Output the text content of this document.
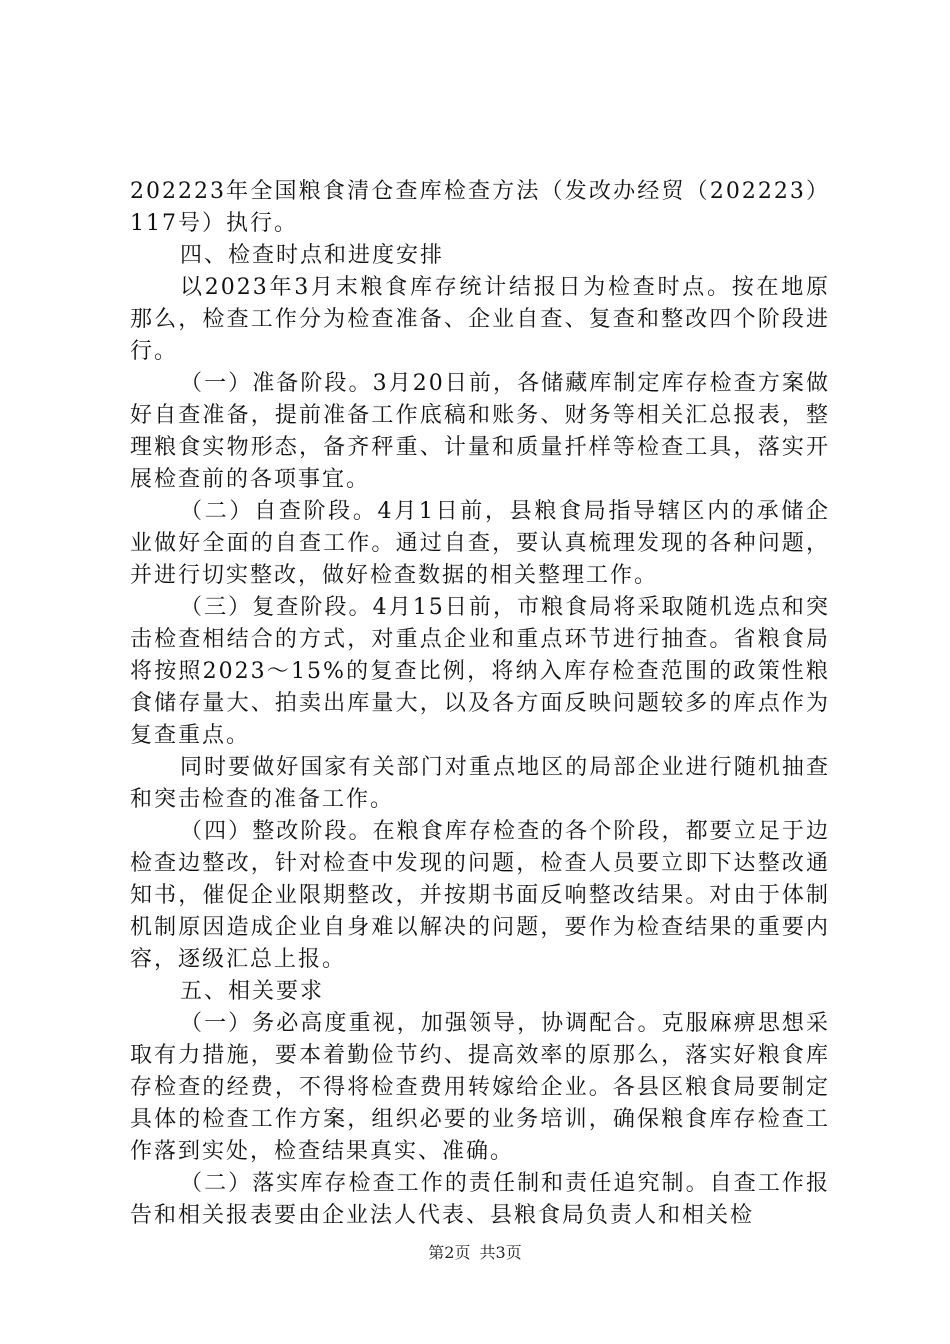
202223年全国粮食清仓查库检查方法（发改办经贸（202223）117号）执行。

四、检查时点和进度安排

以2023年3月末粮食库存统计结报日为检查时点。按在地原那么，检查工作分为检查准备、企业自查、复查和整改四个阶段进行。

（一）准备阶段。3月20日前，各储藏库制定库存检查方案做好自查准备，提前准备工作底稿和账务、财务等相关汇总报表，整理粮食实物形态，备齐秤重、计量和质量扦样等检查工具，落实开展检查前的各项事宜。

（二）自查阶段。4月1日前，县粮食局指导辖区内的承储企业做好全面的自查工作。通过自查，要认真梳理发现的各种问题，并进行切实整改，做好检查数据的相关整理工作。

（三）复查阶段。4月15日前，市粮食局将采取随机选点和突击检查相结合的方式，对重点企业和重点环节进行抽查。省粮食局将按照2023～15%的复查比例，将纳入库存检查范围的政策性粮食储存量大、拍卖出库量大，以及各方面反映问题较多的库点作为复查重点。

同时要做好国家有关部门对重点地区的局部企业进行随机抽查和突击检查的准备工作。

（四）整改阶段。在粮食库存检查的各个阶段，都要立足于边检查边整改，针对检查中发现的问题，检查人员要立即下达整改通知书，催促企业限期整改，并按期书面反响整改结果。对由于体制机制原因造成企业自身难以解决的问题，要作为检查结果的重要内容，逐级汇总上报。

五、相关要求

（一）务必高度重视，加强领导，协调配合。克服麻痹思想采取有力措施，要本着勤俭节约、提高效率的原那么，落实好粮食库存检查的经费，不得将检查费用转嫁给企业。各县区粮食局要制定具体的检查工作方案，组织必要的业务培训，确保粮食库存检查工作落到实处，检查结果真实、准确。

（二）落实库存检查工作的责任制和责任追究制。自查工作报告和相关报表要由企业法人代表、县粮食局负责人和相关检

第2页 共3页
